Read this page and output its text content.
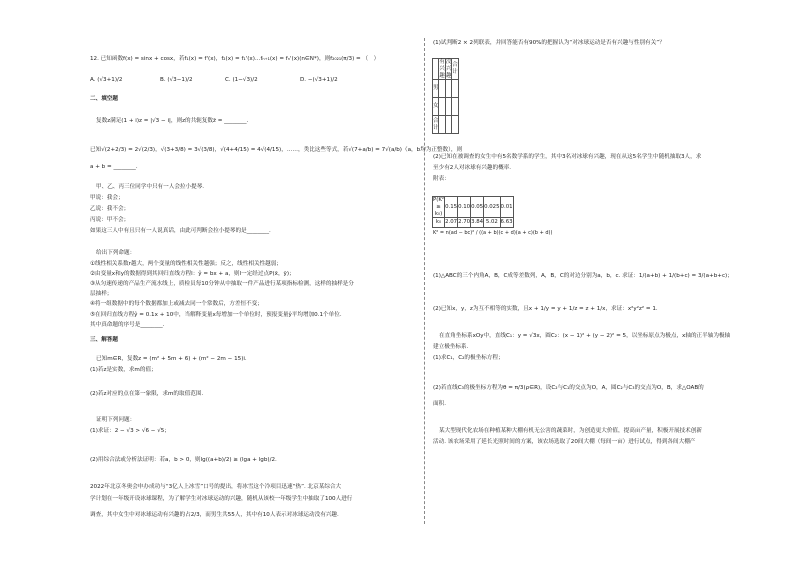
12. 已知函数f(x) = sinx + cosx，若f₁(x) = f'(x)，f₂(x) = f₁'(x)…fₙ₊₁(x) = fₙ'(x)(n∈N*)，则f₂₀₂₁(π/3) = （　）
A. (√3+1)/2	B. (√3−1)/2	C. (1−√3)/2	D. −(√3+1)/2
二、填空题
复数z满足(1 + i)z = |√3 − i|，则z的共轭复数z̄ = ________.
已知√(2+2/3) = 2√(2/3)，√(3+3/8) = 3√(3/8)，√(4+4/15) = 4√(4/15)，……，类比这些等式，若√(7+a/b) = 7√(a/b)（a，b均为正整数），则
a + b = ________.
甲、乙、丙三位同学中只有一人会拉小提琴.
甲说：我会；
乙说：我不会；
丙说：甲不会；
如果这三人中有且只有一人说真话，由此可判断会拉小提琴的是________.
给出下列命题：
①线性相关系数r越大，两个变量的线性相关性越强；反之，线性相关性越弱；
②由变量x和y的数据得到其回归直线方程l：ŷ = bx + a，则l一定经过点P(x̄，ȳ)；
③从匀速传递的产品生产流水线上，质检员每10分钟从中抽取一件产品进行某项指标检测，这样的抽样是分
层抽样；
④将一组数据中的每个数据都加上或减去同一个常数后，方差恒不变；
⑤在回归直线方程ŷ = 0.1x + 10中，当解释变量x每增加一个单位时，预报变量ŷ平均增加0.1个单位.
其中真命题的序号是________.
三、解答题
已知m∈R，复数z = (m² + 5m + 6) + (m² − 2m − 15)i.
(1)若z是实数，求m的值；
(2)若z对应的点在第一象限，求m的取值范围.
证明下列问题：
(1)求证：2 − √3 > √6 − √5；
(2)用综合法或分析法证明：若a，b > 0，则lg((a+b)/2) ≥ (lga + lgb)/2.
2022年北京冬奥会申办成功与“3亿人上冰雪”口号的提出，将冰雪这个冷项目迅速“热”. 北京某综合大
学计划在一年级开设冰球课程，为了解学生对冰球运动的兴趣，随机从该校一年级学生中抽取了100人进行
调查，其中女生中对冰球运动有兴趣的占2/3，而男生共55人，其中有10人表示对冰球运动没有兴趣.
(1)试判断2 × 2列联表，并回答能否有90%的把握认为“对冰球运动是否有兴趣与性别有关”？
	有兴趣	没兴趣	合计
男			
女			
合计			
(2)已知在被调查的女生中有5名数学系的学生，其中3名对冰球有兴趣，现在从这5名学生中随机抽取3人，求
至少有2人对冰球有兴趣的概率.
附表：
P(K² ≥ k₀)	0.15	0.10	0.05	0.025	0.01
k₀	2.07	2.70	3.84	5.02	6.63
K² = n(ad − bc)² / ((a + b)(c + d)(a + c)(b + d))
(1)△ABC的三个内角A，B，C成等差数列，A，B，C的对边分别为a，b，c. 求证：1/(a+b) + 1/(b+c) = 3/(a+b+c)；
(2)已知x，y，z为互不相等的实数，且x + 1/y = y + 1/z = z + 1/x，求证：x²y²z² = 1.
在直角坐标系xOy中，直线C₁：y = √3x，圆C₂：(x − 1)² + (y − 2)² = 5，以坐标原点为极点，x轴的正半轴为极轴
建立极坐标系.
(1)求C₁，C₂的极坐标方程；
(2)若直线C₃的极坐标方程为θ = π/3(ρ∈R)，设C₂与C₁的交点为O，A，圆C₂与C₃的交点为O，B，求△OAB的
面积.
某大型现代化农场在种植某种大棚有机无公害的蔬菜时，为创造更大价值，提高亩产量，积极开展技术创新
活动. 该农场采用了延长光照时间的方案，该农场选取了20间大棚（每间一亩）进行试点，得到各间大棚产
